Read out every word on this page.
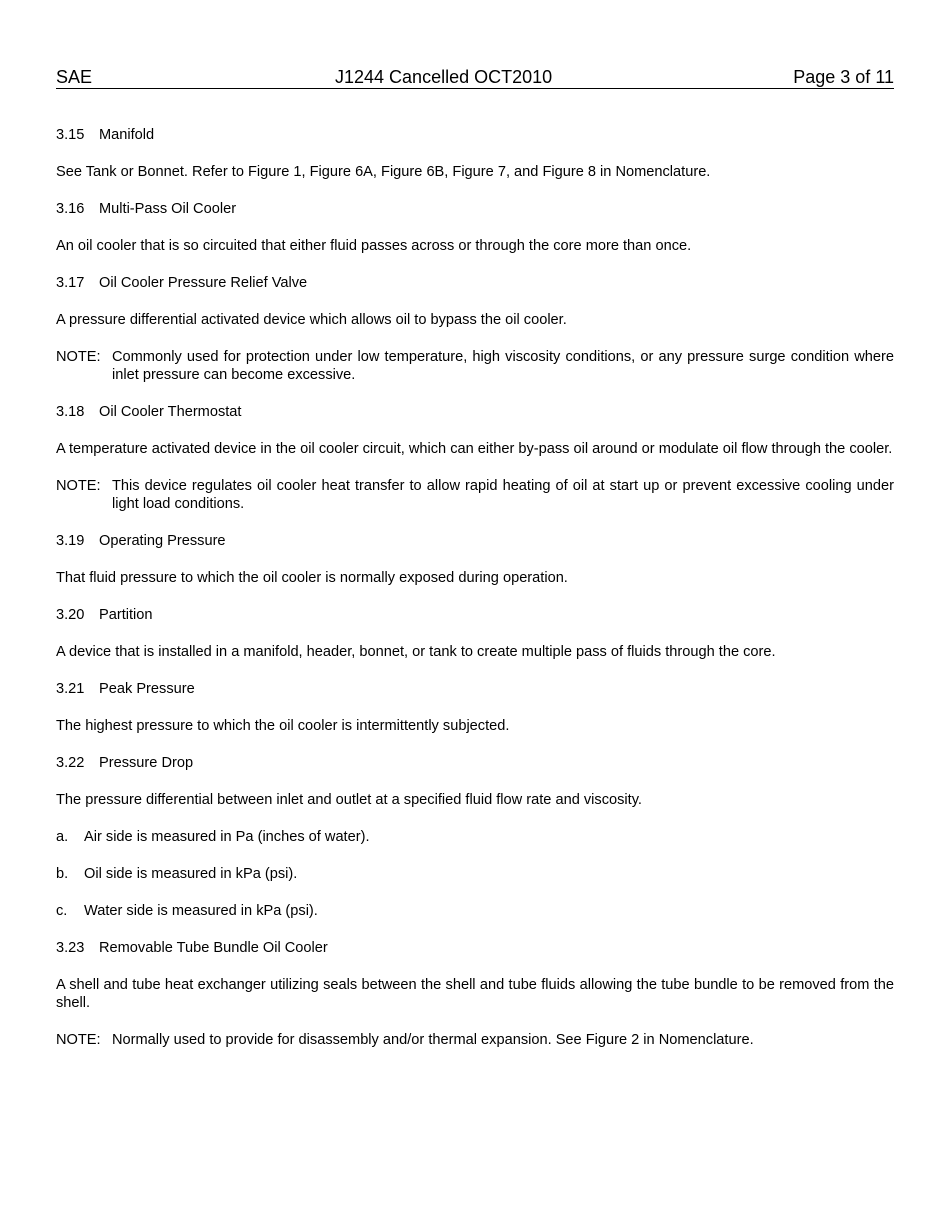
SAE	J1244 Cancelled OCT2010	Page 3 of 11
3.15 Manifold
See Tank or Bonnet. Refer to Figure 1, Figure 6A, Figure 6B, Figure 7, and Figure 8 in Nomenclature.
3.16 Multi-Pass Oil Cooler
An oil cooler that is so circuited that either fluid passes across or through the core more than once.
3.17 Oil Cooler Pressure Relief Valve
A pressure differential activated device which allows oil to bypass the oil cooler.
NOTE: Commonly used for protection under low temperature, high viscosity conditions, or any pressure surge condition where inlet pressure can become excessive.
3.18 Oil Cooler Thermostat
A temperature activated device in the oil cooler circuit, which can either by-pass oil around or modulate oil flow through the cooler.
NOTE: This device regulates oil cooler heat transfer to allow rapid heating of oil at start up or prevent excessive cooling under light load conditions.
3.19 Operating Pressure
That fluid pressure to which the oil cooler is normally exposed during operation.
3.20 Partition
A device that is installed in a manifold, header, bonnet, or tank to create multiple pass of fluids through the core.
3.21 Peak Pressure
The highest pressure to which the oil cooler is intermittently subjected.
3.22 Pressure Drop
The pressure differential between inlet and outlet at a specified fluid flow rate and viscosity.
a.	Air side is measured in Pa (inches of water).
b.	Oil side is measured in kPa (psi).
c.	Water side is measured in kPa (psi).
3.23 Removable Tube Bundle Oil Cooler
A shell and tube heat exchanger utilizing seals between the shell and tube fluids allowing the tube bundle to be removed from the shell.
NOTE: Normally used to provide for disassembly and/or thermal expansion. See Figure 2 in Nomenclature.
